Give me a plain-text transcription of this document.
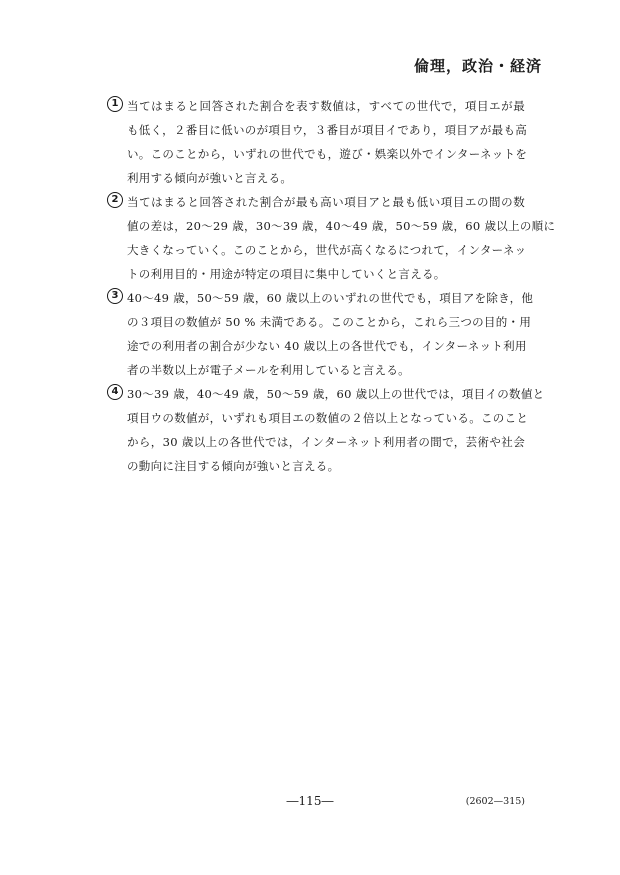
倫理，政治・経済
1 当てはまると回答された割合を表す数値は，すべての世代で，項目エが最
も低く，２番目に低いのが項目ウ，３番目が項目イであり，項目アが最も高
い。このことから，いずれの世代でも，遊び・娯楽以外でインターネットを
利用する傾向が強いと言える。
2 当てはまると回答された割合が最も高い項目アと最も低い項目エの間の数
値の差は，20～29 歳，30～39 歳，40～49 歳，50～59 歳，60 歳以上の順に
大きくなっていく。このことから，世代が高くなるにつれて，インターネッ
トの利用目的・用途が特定の項目に集中していくと言える。
3 40～49 歳，50～59 歳，60 歳以上のいずれの世代でも，項目アを除き，他
の３項目の数値が 50 % 未満である。このことから，これら三つの目的・用
途での利用者の割合が少ない 40 歳以上の各世代でも，インターネット利用
者の半数以上が電子メールを利用していると言える。
4 30～39 歳，40～49 歳，50～59 歳，60 歳以上の世代では，項目イの数値と
項目ウの数値が，いずれも項目エの数値の２倍以上となっている。このこと
から，30 歳以上の各世代では，インターネット利用者の間で，芸術や社会
の動向に注目する傾向が強いと言える。
―115―	(2602—315)
